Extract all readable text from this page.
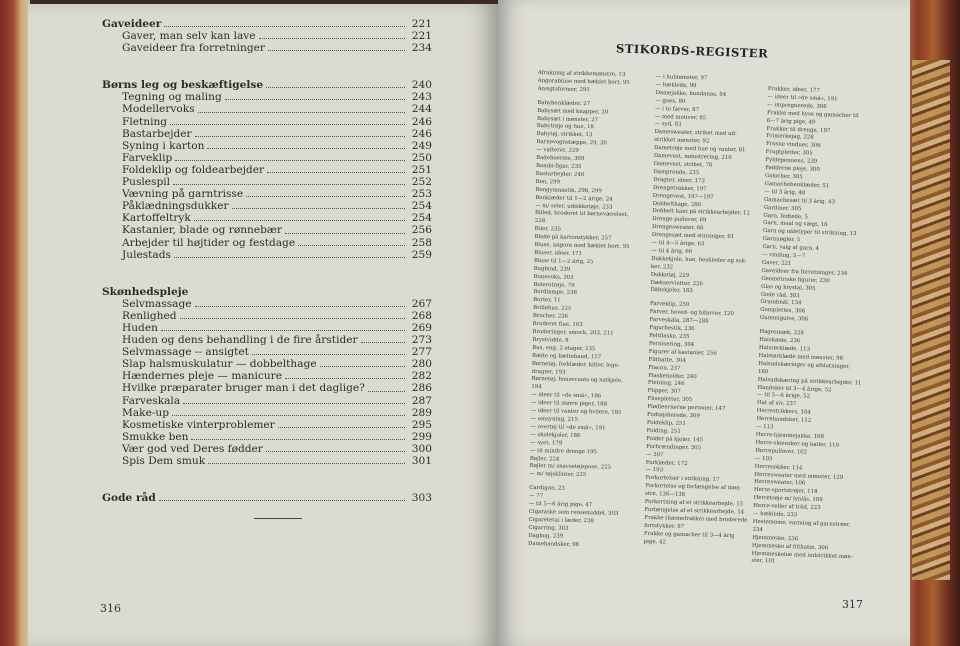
Gaveideer	221
Gaver, man selv kan lave	221
Gaveideer fra forretninger	234
Børns leg og beskæftigelse	240
Tegning og maling	243
Modellervoks	244
Fletning	246
Bastarbejder	246
Syning i karton	249
Farveklip	250
Foldeklip og foldearbejder	251
Puslespil	252
Vævning på garntrisse	253
Påklædningsdukker	254
Kartoffeltryk	254
Kastanier, blade og rønnebær	256
Arbejder til højtider og festdage	258
Julestads	259
Skønhedspleje
Selvmassage	267
Renlighed	268
Huden	269
Huden og dens behandling i de fire årstider	273
Selvmassage -- ansigtet	277
Slap halsmuskulatur — dobbelthage	280
Hændernes pleje — manicure	282
Hvilke præparater bruger man i det daglige?	286
Farveskala	287
Make-up	289
Kosmetiske vinterproblemer	295
Smukke ben	299
Vær god ved Deres fødder	300
Spis Dem smuk	301
Gode råd	303
316
STIKORDS-REGISTER
Afrakning af strikkemønstre, 13
Angorabluse med hæklet bort, 95
Ansigtsformer, 295
Babybenklæder, 27
Babysæt med knapper, 20
Babysæt i mønster, 27
Babytrøje og hue, 18
Babytøj, strikket, 13
Barnevognstæppe, 29, 30
— vatteret, 229
Badeboerste, 309
Bambi-figur, 235
Bastarbejder, 246
Ben, 299
Bongymnastik, 298, 299
Benklæder til 1—2 årige, 24
— m/ seler, udsikketøje, 233
Billed, broderet til børneværelset,
228
Biler, 235
Blade på kartonstykker, 257
Bluse, angora med hæklet bort, 95
Bluser, ideer, 171
Bluse til 1—2 årig, 25
Bogbind, 239
Bonevoks, 303
Bolerotrøje, 79
Bordlampe, 238
Borter, 11
Brillehus, 225
Brocher, 236
Broderet flue, 163
Broderinger, smock, 203, 211
Brystvidde, 8
Bus, eng. 2 etager, 235
Bælte og bælteband, 157
Børnetøj, forklæder, kitler, lege-
dragter, 193
Børnetøj, housecoats og natkjole,
194
— ideer til »de små«, 186
— ideer til større piger, 188
— ideer til vanter og hvilere, 185
— omsyning, 215
— overtøj til »de små«, 191
— skolekjoler, 186
— syet, 179
— til mindre drenge 195
Bøjler, 224
Bøjler m/ snavsetøjspose, 225
— m/ tøjsklinter, 225
Cardigan, 23
— 77
— til 5—6 årig pige, 47
Cigaraske som rensemiddel, 303
Cigaretetui i læder, 238
Cigarring, 303
Dagbog, 239
Damehandsker, 98
— i hulmønster, 97
— hæklede, 99
Damejakke, bundanas, 84
— goes, 80
— i to farver, 87
— med motiver, 85
— syd, 83
Damesweater, stribet med ud-
strikket mønster, 92
Dametrøje med hue og vanter, 81
Damevest, mønstrering, 216
Damevest, stribet, 78
Dampronde, 235
Dragter, ideer, 173
Drengetrakker, 197
Drengevest, 197—197
Dobbelthage, 280
Dobbelt kant på strikkearbejder, 12
Drenge-pullover, 69
Drengesweater, 66
Drengesæt med stinsinger, 61
— til 4—5 årige, 63
— til 4 årig, 66
Dukkekjole, hue, beskleder og sok-
ker, 232
Dukketøj, 229
Dækservietter, 226
Dåbskjoler, 183
Farveklip, 250
Farver, hoved- og bifarver, 120
Farveskala, 287—288
Figurbestik, 236
Feltflaske, 235
Fernisering, 304
Figurer af kastanier, 256
Filthatte, 304
Flacon, 237
Flaskeholder, 240
Fletning, 246
Flipper, 307
Flisepletter, 305
Flødleernerne personer, 147
Fodtøjsberede, 309
Foldeklip, 251
Folding, 251
Folder på kjoler, 145
Forbrændinger, 305
— 307
Forklæder, 172
— 193
Forkortelser i strikning, 17
Forkortelse og forlængelse af møn-
stre, 136—138
Forkortning af et strikkearbejde, 15
Forlængelse af et strikkearbejde, 14
Frakke (hæmefrakke) med broderede
fortstykker, 87
Frakke og gamacher til 3—4 årig
pige, 42
Frakker, ideer, 177
— ideer til »de små«, 191
— impregnerede, 306
Frakke med hyse og gamacher til
6—7 årig pige, 49
Frakker til drenge, 197
Frimerkejag, 228
Frosne vinduer, 306
Frugtpletter, 305
Fyldepennens, 239
Fødderne pleje, 300
Galocher, 305
Gamachebenklæder, 51
— til 3 årig, 48
Gamachesæt til 3 årig, 43
Gardiner, 305
Garn, fedtede, 5
Garn, maal og vægt, 16
Garn og nåletyper til strikning, 13
Garnnøgler, 5
Garn, valg af garn, 4
— vinding, 5—7
Gaver, 221
Gaveideer fra forretninger, 234
Geometriske figurer, 230
Glas og krystal, 305
Gode råd, 303
Grundmål, 134
Gomplettes, 306
Gummigulve, 306
Hagesmæk, 228
Halskæde, 236
Halsrørklæde, 113
Halstørklæde med mønster, 98
Halsudskæringer og afslutninger,
160
Halsudskæring på strikkearbejder, 11
Handsker til 3—4 årige, 52
— til 5—6 årige, 52
Hat af siv, 237
Herrestrikkers, 104
Herrehandsker, 112
— 113
Herre-hjemmejakke, 108
Herre-skiensker og haller, 110
Herrepullover, 102
— 103
Herresokker, 114
Herresweater med mønster, 129
Herresweater, 106
Herre-sportstrøjer, 118
Herretrøje m/ lynlås, 109
Herre-veller af tråd, 223
— hæklede, 233
Hestemome, varming af garnstrøer,
234
Hjemmesko, 236
Hjemmesko af filthatte, 306
Hjemmeskolne med indstrikket møn-
ster, 101
317
